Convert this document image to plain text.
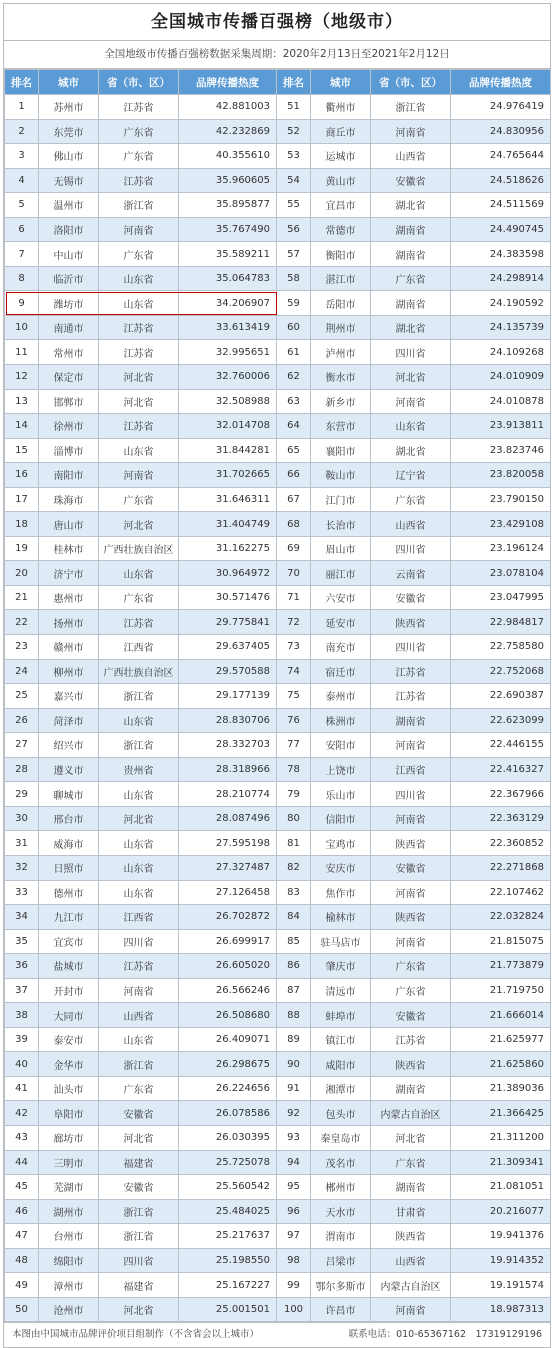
全国城市传播百强榜（地级市）
全国地级市传播百强榜数据采集周期：2020年2月13日至2021年2月12日
排名	城市	省（市、区）	品牌传播热度	排名	城市	省（市、区）	品牌传播热度
1	苏州市	江苏省	42.881003	51	衢州市	浙江省	24.976419
2	东莞市	广东省	42.232869	52	商丘市	河南省	24.830956
3	佛山市	广东省	40.355610	53	运城市	山西省	24.765644
4	无锡市	江苏省	35.960605	54	黄山市	安徽省	24.518626
5	温州市	浙江省	35.895877	55	宜昌市	湖北省	24.511569
6	洛阳市	河南省	35.767490	56	常德市	湖南省	24.490745
7	中山市	广东省	35.589211	57	衡阳市	湖南省	24.383598
8	临沂市	山东省	35.064783	58	湛江市	广东省	24.298914
9	潍坊市	山东省	34.206907	59	岳阳市	湖南省	24.190592
10	南通市	江苏省	33.613419	60	荆州市	湖北省	24.135739
11	常州市	江苏省	32.995651	61	泸州市	四川省	24.109268
12	保定市	河北省	32.760006	62	衡水市	河北省	24.010909
13	邯郸市	河北省	32.508988	63	新乡市	河南省	24.010878
14	徐州市	江苏省	32.014708	64	东营市	山东省	23.913811
15	淄博市	山东省	31.844281	65	襄阳市	湖北省	23.823746
16	南阳市	河南省	31.702665	66	鞍山市	辽宁省	23.820058
17	珠海市	广东省	31.646311	67	江门市	广东省	23.790150
18	唐山市	河北省	31.404749	68	长治市	山西省	23.429108
19	桂林市	广西壮族自治区	31.162275	69	眉山市	四川省	23.196124
20	济宁市	山东省	30.964972	70	丽江市	云南省	23.078104
21	惠州市	广东省	30.571476	71	六安市	安徽省	23.047995
22	扬州市	江苏省	29.775841	72	延安市	陕西省	22.984817
23	赣州市	江西省	29.637405	73	南充市	四川省	22.758580
24	柳州市	广西壮族自治区	29.570588	74	宿迁市	江苏省	22.752068
25	嘉兴市	浙江省	29.177139	75	泰州市	江苏省	22.690387
26	菏泽市	山东省	28.830706	76	株洲市	湖南省	22.623099
27	绍兴市	浙江省	28.332703	77	安阳市	河南省	22.446155
28	遵义市	贵州省	28.318966	78	上饶市	江西省	22.416327
29	聊城市	山东省	28.210774	79	乐山市	四川省	22.367966
30	邢台市	河北省	28.087496	80	信阳市	河南省	22.363129
31	威海市	山东省	27.595198	81	宝鸡市	陕西省	22.360852
32	日照市	山东省	27.327487	82	安庆市	安徽省	22.271868
33	德州市	山东省	27.126458	83	焦作市	河南省	22.107462
34	九江市	江西省	26.702872	84	榆林市	陕西省	22.032824
35	宜宾市	四川省	26.699917	85	驻马店市	河南省	21.815075
36	盐城市	江苏省	26.605020	86	肇庆市	广东省	21.773879
37	开封市	河南省	26.566246	87	清远市	广东省	21.719750
38	大同市	山西省	26.508680	88	蚌埠市	安徽省	21.666014
39	泰安市	山东省	26.409071	89	镇江市	江苏省	21.625977
40	金华市	浙江省	26.298675	90	咸阳市	陕西省	21.625860
41	汕头市	广东省	26.224656	91	湘潭市	湖南省	21.389036
42	阜阳市	安徽省	26.078586	92	包头市	内蒙古自治区	21.366425
43	廊坊市	河北省	26.030395	93	秦皇岛市	河北省	21.311200
44	三明市	福建省	25.725078	94	茂名市	广东省	21.309341
45	芜湖市	安徽省	25.560542	95	郴州市	湖南省	21.081051
46	湖州市	浙江省	25.484025	96	天水市	甘肃省	20.216077
47	台州市	浙江省	25.217637	97	渭南市	陕西省	19.941376
48	绵阳市	四川省	25.198550	98	吕梁市	山西省	19.914352
49	漳州市	福建省	25.167227	99	鄂尔多斯市	内蒙古自治区	19.191574
50	沧州市	河北省	25.001501	100	许昌市	河南省	18.987313
本图由中国城市品牌评价项目组制作（不含省会以上城市）	联系电话：010-65367162　17319129196
